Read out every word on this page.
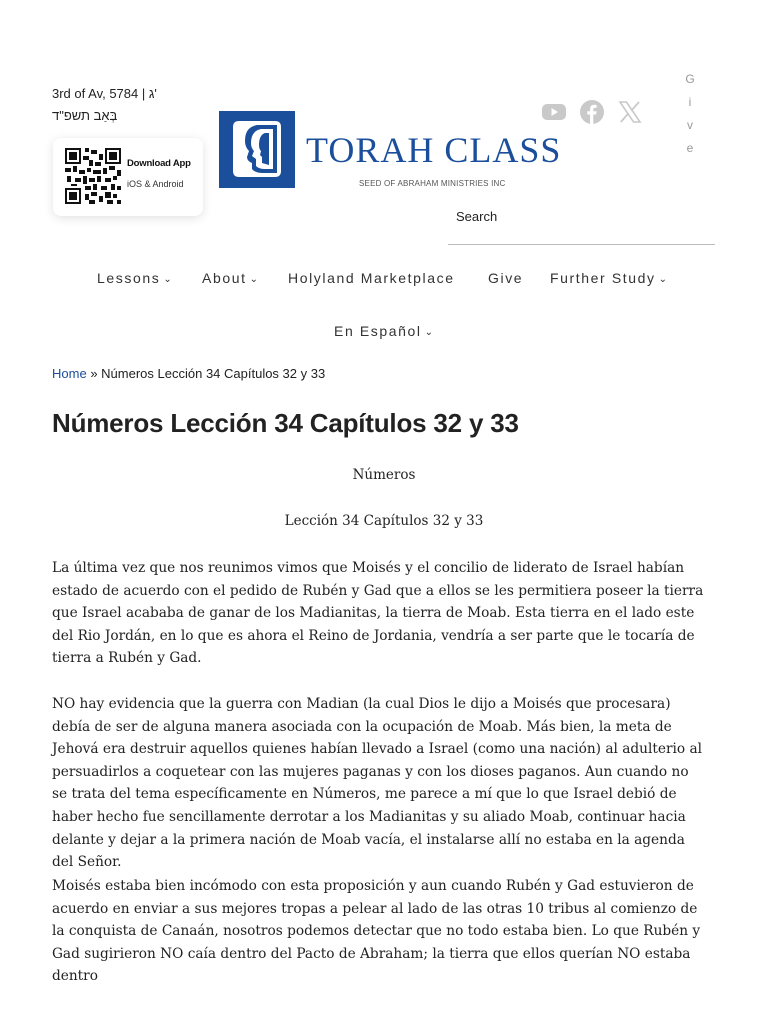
3rd of Av, 5784 | ג'
בְּאַב תשפ"ד
Download App
iOS & Android
TORAH CLASS
SEED OF ABRAHAM MINISTRIES INC
G
i
v
e
Search
Lessons ⌄ About ⌄ Holyland Marketplace Give Further Study ⌄
En Español ⌄
Home » Números Lección 34 Capítulos 32 y 33
Números Lección 34 Capítulos 32 y 33
Números
Lección 34 Capítulos 32 y 33

La última vez que nos reunimos vimos que Moisés y el concilio de liderato de Israel habían estado de acuerdo con el pedido de Rubén y Gad que a ellos se les permitiera poseer la tierra que Israel acababa de ganar de los Madianitas, la tierra de Moab. Esta tierra en el lado este del Rio Jordán, en lo que es ahora el Reino de Jordania, vendría a ser parte que le tocaría de tierra a Rubén y Gad.

NO hay evidencia que la guerra con Madian (la cual Dios le dijo a Moisés que procesara) debía de ser de alguna manera asociada con la ocupación de Moab. Más bien, la meta de Jehová era destruir aquellos quienes habían llevado a Israel (como una nación) al adulterio al persuadirlos a coquetear con las mujeres paganas y con los dioses paganos. Aun cuando no se trata del tema específicamente en Números, me parece a mí que lo que Israel debió de haber hecho fue sencillamente derrotar a los Madianitas y su aliado Moab, continuar hacia delante y dejar a la primera nación de Moab vacía, el instalarse allí no estaba en la agenda del Señor.

Moisés estaba bien incómodo con esta proposición y aun cuando Rubén y Gad estuvieron de acuerdo en enviar a sus mejores tropas a pelear al lado de las otras 10 tribus al comienzo de la conquista de Canaán, nosotros podemos detectar que no todo estaba bien. Lo que Rubén y Gad sugirieron NO caía dentro del Pacto de Abraham; la tierra que ellos querían NO estaba dentro
